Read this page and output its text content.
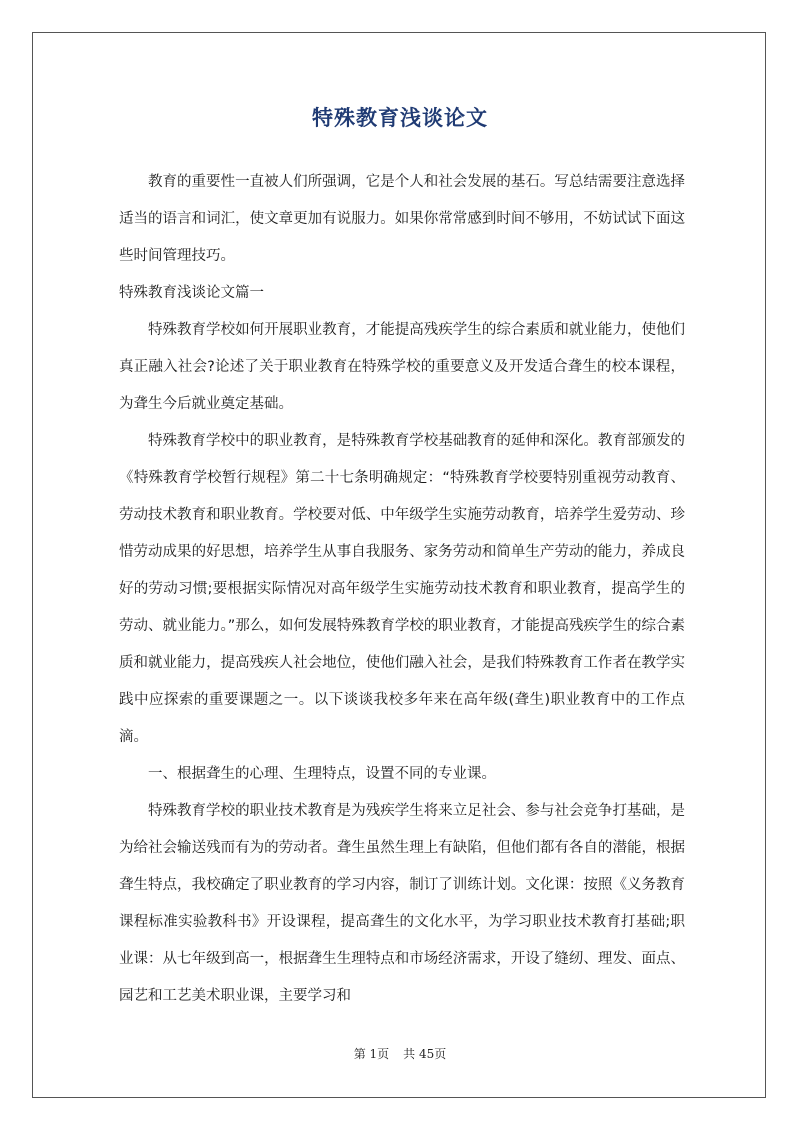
特殊教育浅谈论文

教育的重要性一直被人们所强调，它是个人和社会发展的基石。写总结需要注意选择适当的语言和词汇，使文章更加有说服力。如果你常常感到时间不够用，不妨试试下面这些时间管理技巧。

特殊教育浅谈论文篇一

特殊教育学校如何开展职业教育，才能提高残疾学生的综合素质和就业能力，使他们真正融入社会?论述了关于职业教育在特殊学校的重要意义及开发适合聋生的校本课程，为聋生今后就业奠定基础。

特殊教育学校中的职业教育，是特殊教育学校基础教育的延伸和深化。教育部颁发的《特殊教育学校暂行规程》第二十七条明确规定：“特殊教育学校要特别重视劳动教育、劳动技术教育和职业教育。学校要对低、中年级学生实施劳动教育，培养学生爱劳动、珍惜劳动成果的好思想，培养学生从事自我服务、家务劳动和简单生产劳动的能力，养成良好的劳动习惯;要根据实际情况对高年级学生实施劳动技术教育和职业教育，提高学生的劳动、就业能力。”那么，如何发展特殊教育学校的职业教育，才能提高残疾学生的综合素质和就业能力，提高残疾人社会地位，使他们融入社会，是我们特殊教育工作者在教学实践中应探索的重要课题之一。以下谈谈我校多年来在高年级(聋生)职业教育中的工作点滴。

一、根据聋生的心理、生理特点，设置不同的专业课。

特殊教育学校的职业技术教育是为残疾学生将来立足社会、参与社会竞争打基础，是为给社会输送残而有为的劳动者。聋生虽然生理上有缺陷，但他们都有各自的潜能，根据聋生特点，我校确定了职业教育的学习内容，制订了训练计划。文化课：按照《义务教育课程标准实验教科书》开设课程，提高聋生的文化水平，为学习职业技术教育打基础;职业课：从七年级到高一，根据聋生生理特点和市场经济需求，开设了缝纫、理发、面点、园艺和工艺美术职业课，主要学习和

第 1页 共 45页
